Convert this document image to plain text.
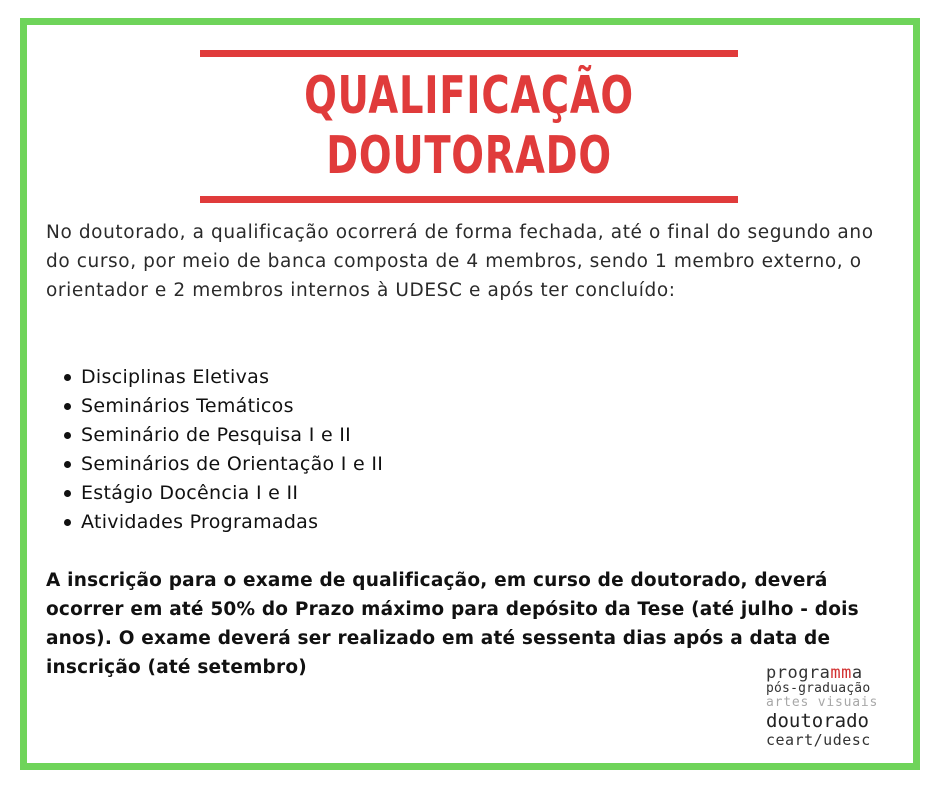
QUALIFICAÇÃO
DOUTORADO

No doutorado, a qualificação ocorrerá de forma fechada, até o final do segundo ano do curso, por meio de banca composta de 4 membros, sendo 1 membro externo, o orientador e 2 membros internos à UDESC e após ter concluído:

Disciplinas Eletivas
Seminários Temáticos
Seminário de Pesquisa I e II
Seminários de Orientação I e II
Estágio Docência I e II
Atividades Programadas

A inscrição para o exame de qualificação, em curso de doutorado, deverá ocorrer em até 50% do Prazo máximo para depósito da Tese (até julho - dois anos). O exame deverá ser realizado em até sessenta dias após a data de inscrição (até setembro)	programma
pós-graduação
artes visuais
doutorado
ceart/udesc
